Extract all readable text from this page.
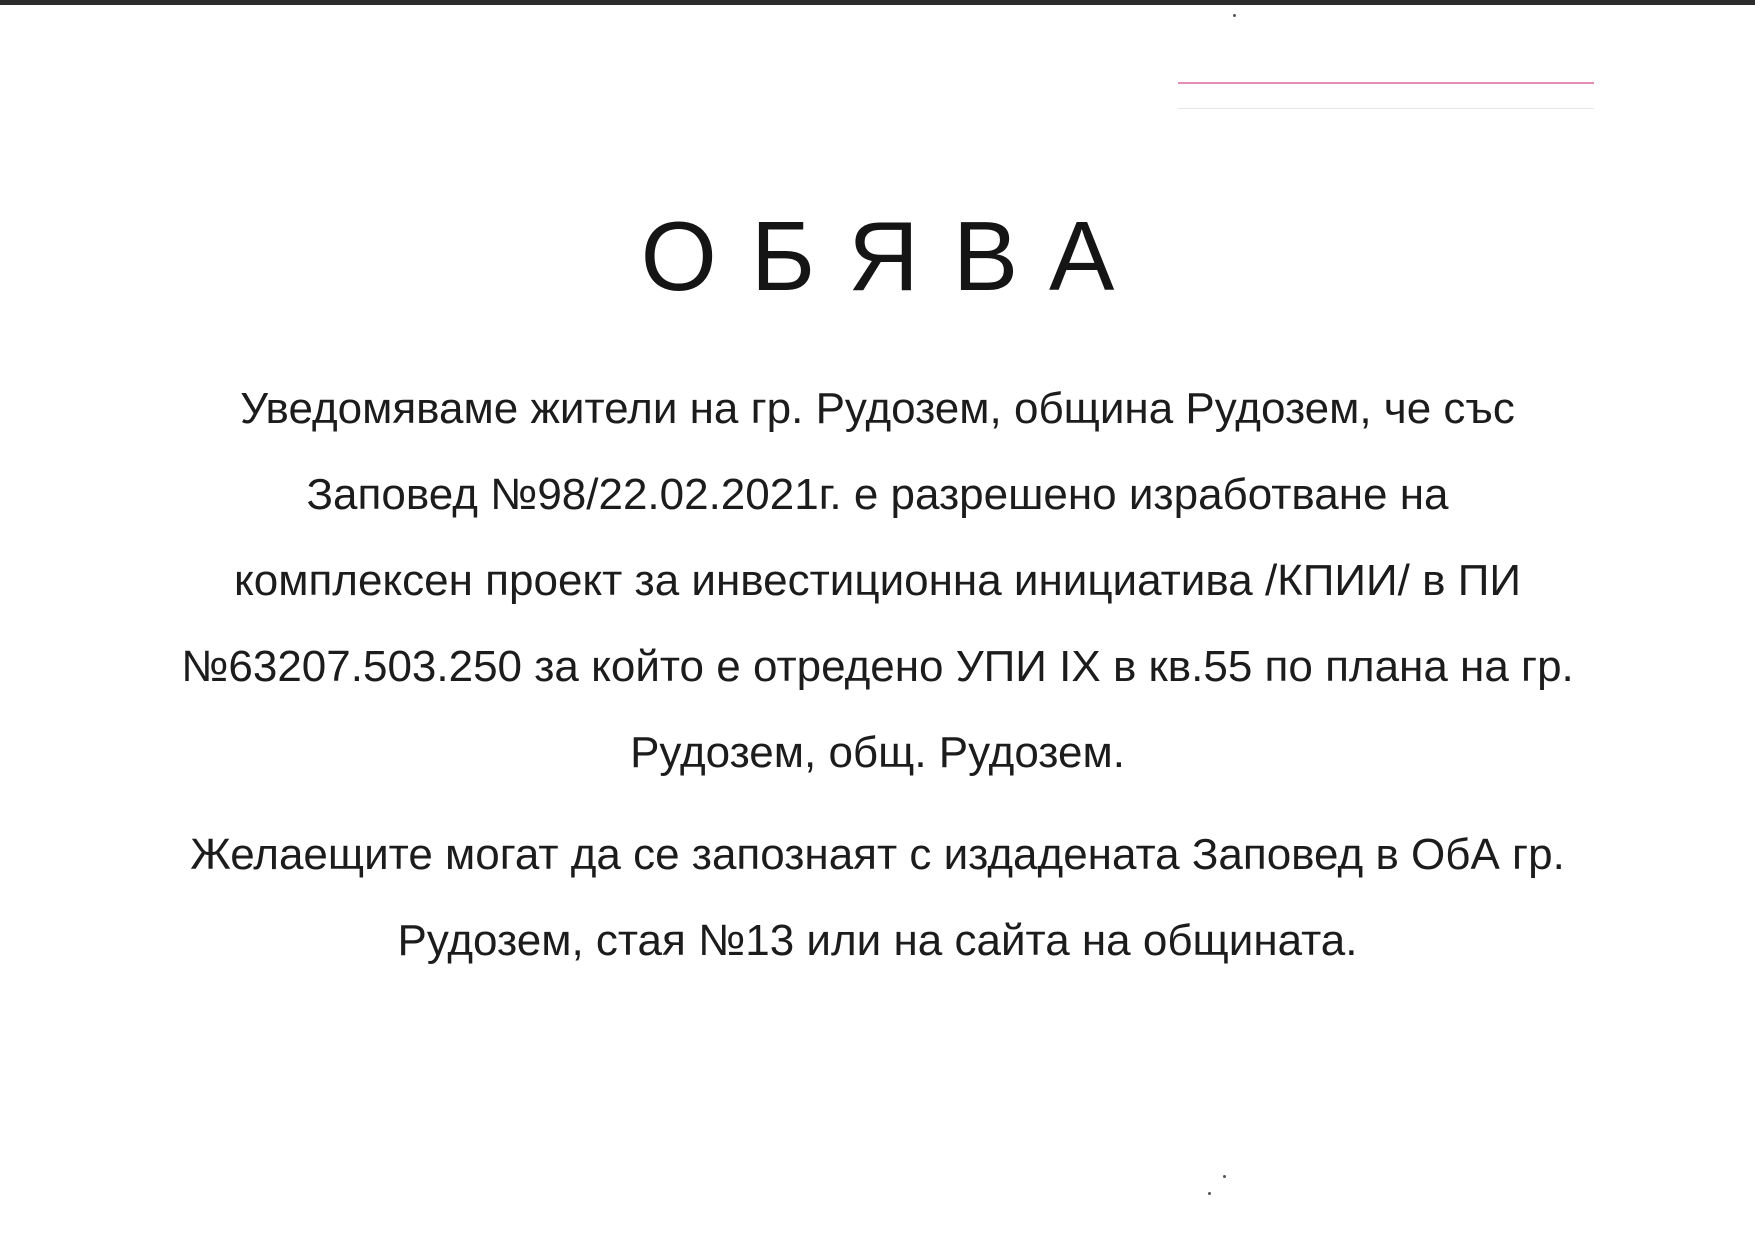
ОБЯВА
Уведомяваме жители на гр. Рудозем, община Рудозем, че със
Заповед №98/22.02.2021г. е разрешено изработване на
комплексен проект за инвестиционна инициатива /КПИИ/ в ПИ
№63207.503.250 за който е отредено УПИ IX в кв.55 по плана на гр.
Рудозем, общ. Рудозем.
Желаещите могат да се запознаят с издадената Заповед в ОбА гр.
Рудозем, стая №13 или на сайта на общината.
